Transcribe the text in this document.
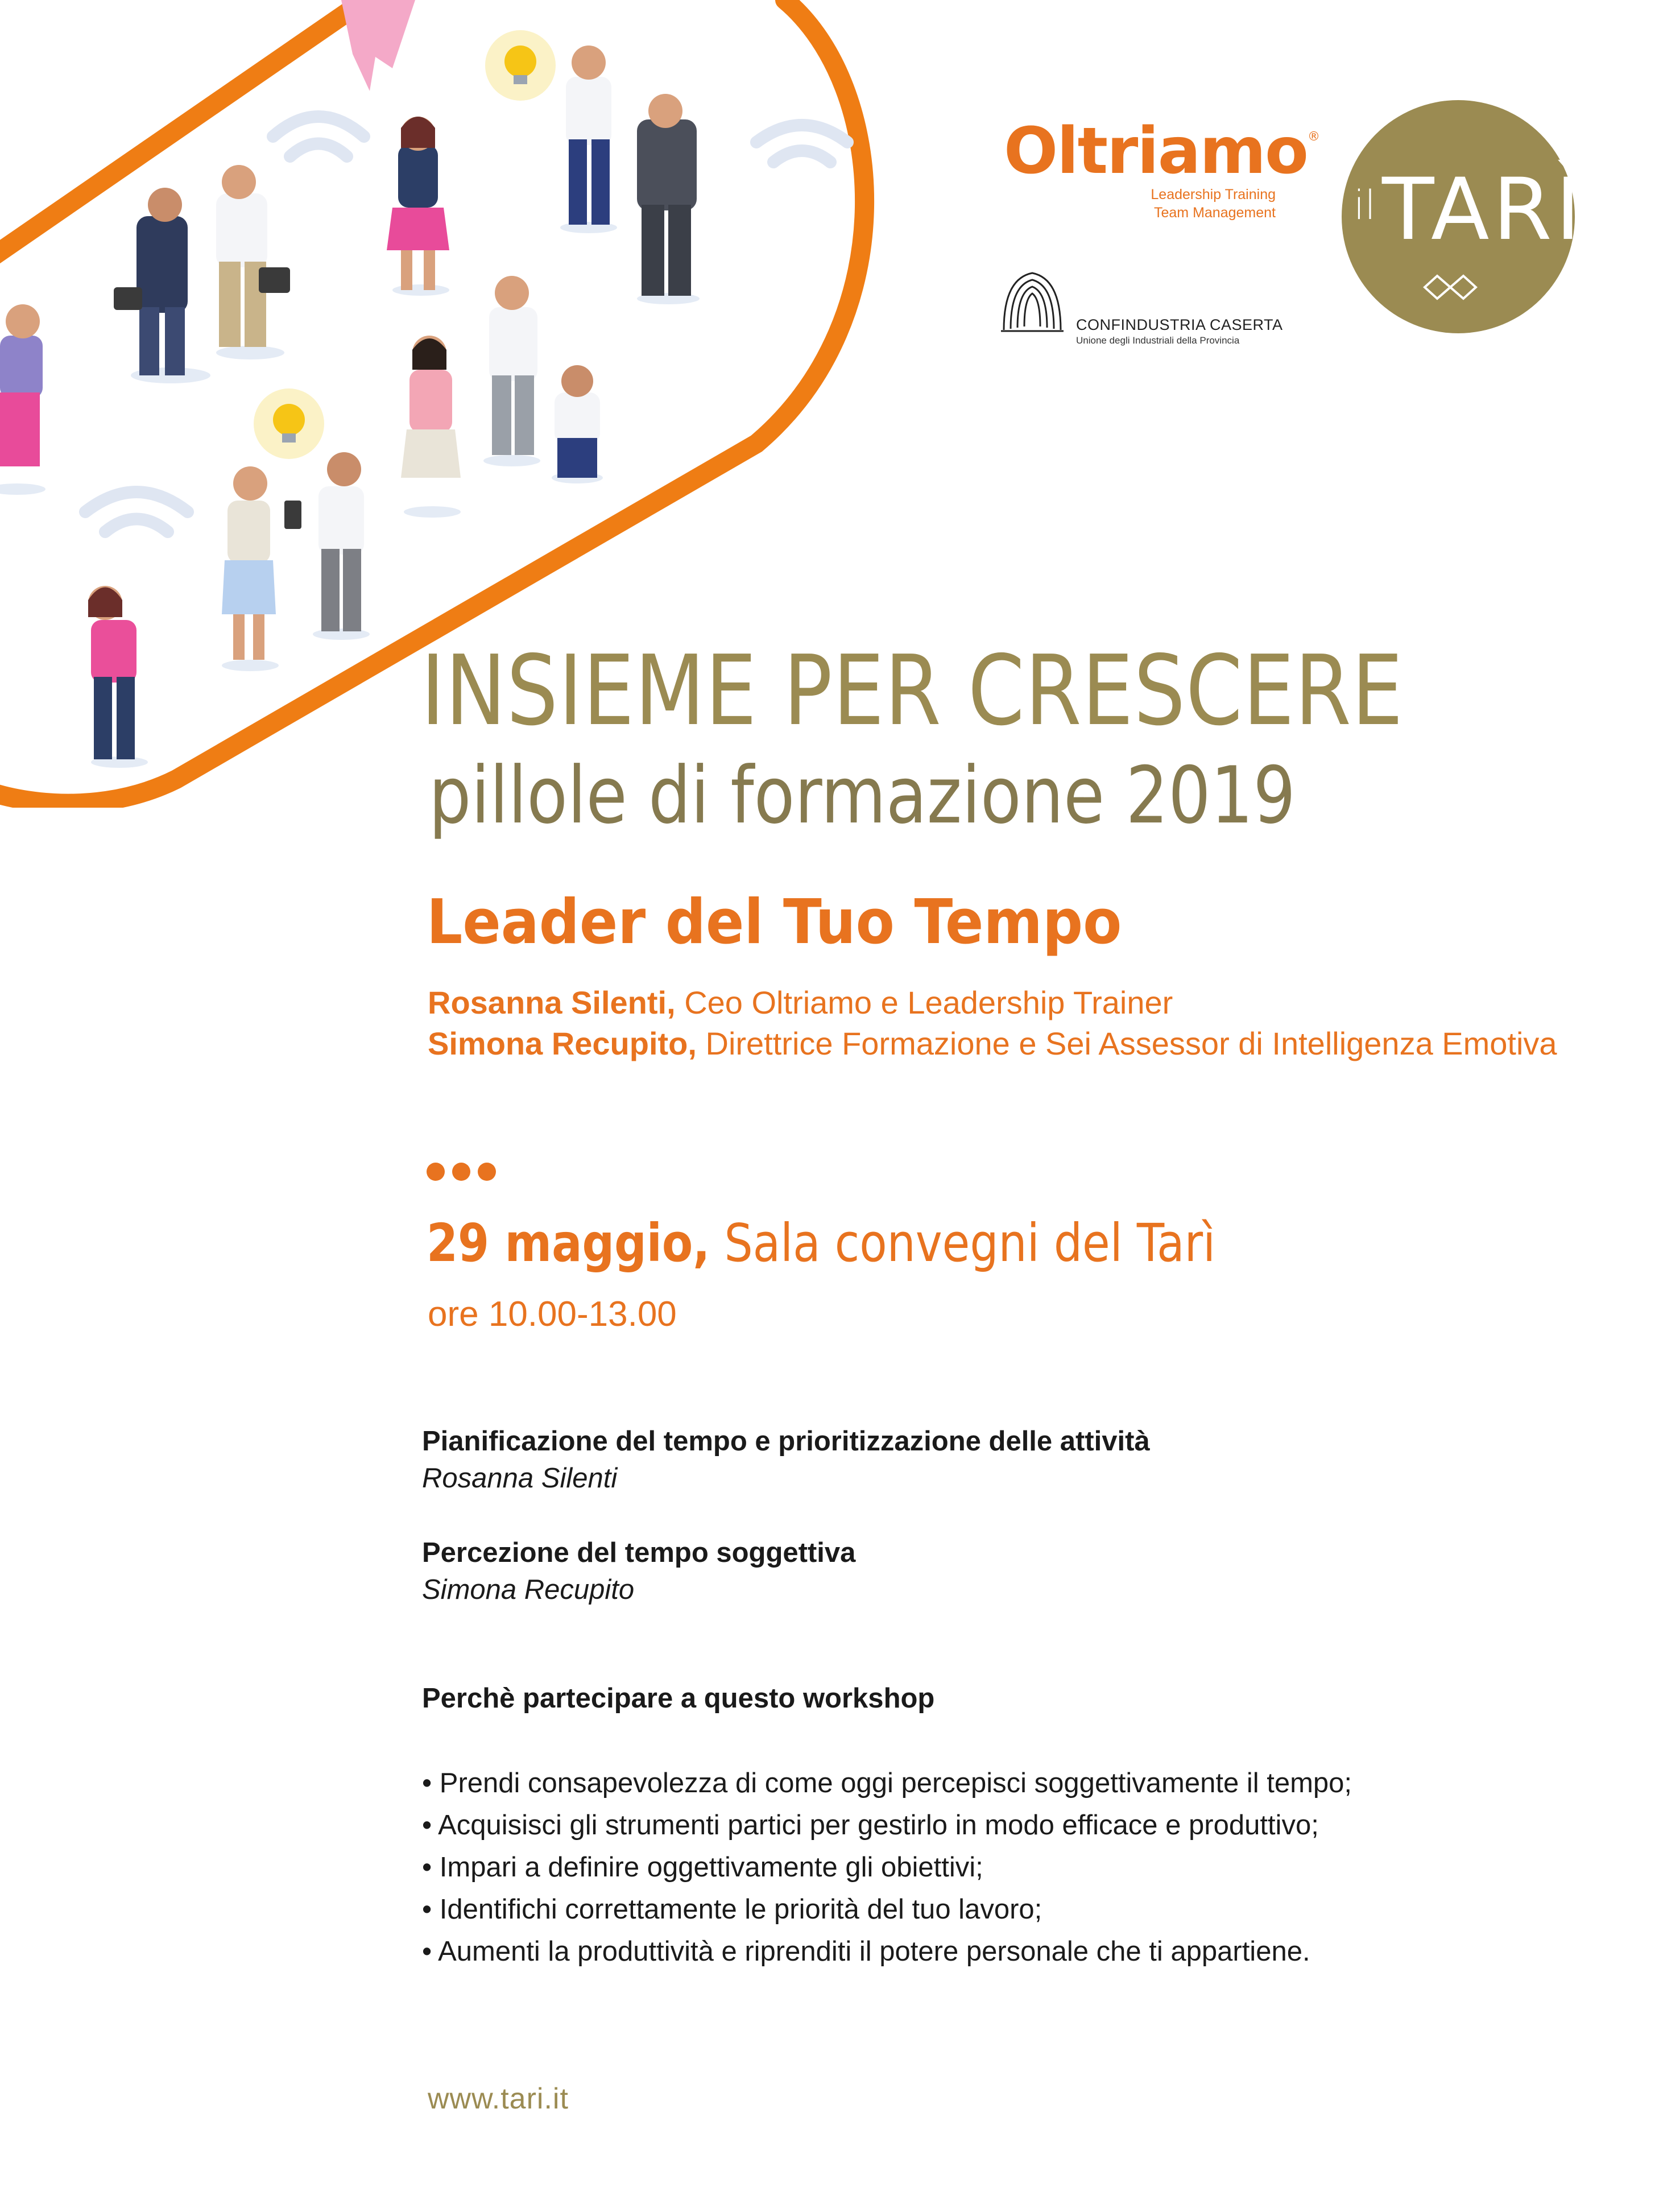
Oltriamo®
Leadership Training
Team Management
CONFINDUSTRIA CASERTA
Unione degli Industriali della Provincia
il TARÌ
INSIEME PER CRESCERE
pillole di formazione 2019
Leader del Tuo Tempo
Rosanna Silenti, Ceo Oltriamo e Leadership Trainer
Simona Recupito, Direttrice Formazione e Sei Assessor di Intelligenza Emotiva
29 maggio, Sala convegni del Tarì
ore 10.00-13.00
Pianificazione del tempo e prioritizzazione delle attività
Rosanna Silenti
Percezione del tempo soggettiva
Simona Recupito
Perchè partecipare a questo workshop
• Prendi consapevolezza di come oggi percepisci soggettivamente il tempo;
• Acquisisci gli strumenti partici per gestirlo in modo efficace e produttivo;
• Impari a definire oggettivamente gli obiettivi;
• Identifichi correttamente le priorità del tuo lavoro;
• Aumenti la produttività e riprenditi il potere personale che ti appartiene.
www.tari.it
